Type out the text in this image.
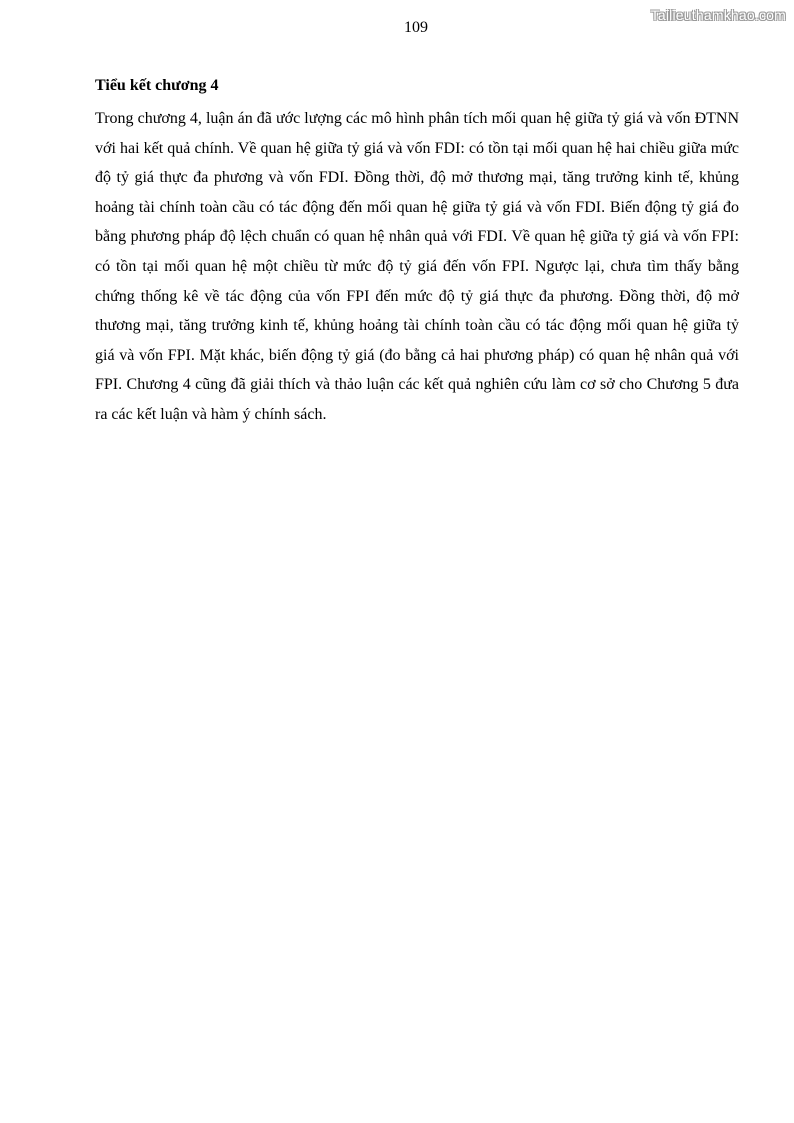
Tailieuthamkhao.com
109

Tiểu kết chương 4

Trong chương 4, luận án đã ước lượng các mô hình phân tích mối quan hệ giữa tỷ giá và vốn ĐTNN với hai kết quả chính. Về quan hệ giữa tỷ giá và vốn FDI: có tồn tại mối quan hệ hai chiều giữa mức độ tỷ giá thực đa phương và vốn FDI. Đồng thời, độ mở thương mại, tăng trưởng kinh tế, khủng hoảng tài chính toàn cầu có tác động đến mối quan hệ giữa tỷ giá và vốn FDI. Biến động tỷ giá đo bằng phương pháp độ lệch chuẩn có quan hệ nhân quả với FDI. Về quan hệ giữa tỷ giá và vốn FPI: có tồn tại mối quan hệ một chiều từ mức độ tỷ giá đến vốn FPI. Ngược lại, chưa tìm thấy bằng chứng thống kê về tác động của vốn FPI đến mức độ tỷ giá thực đa phương. Đồng thời, độ mở thương mại, tăng trưởng kinh tế, khủng hoảng tài chính toàn cầu có tác động mối quan hệ giữa tỷ giá và vốn FPI. Mặt khác, biến động tỷ giá (đo bằng cả hai phương pháp) có quan hệ nhân quả với FPI. Chương 4 cũng đã giải thích và thảo luận các kết quả nghiên cứu làm cơ sở cho Chương 5 đưa ra các kết luận và hàm ý chính sách.
